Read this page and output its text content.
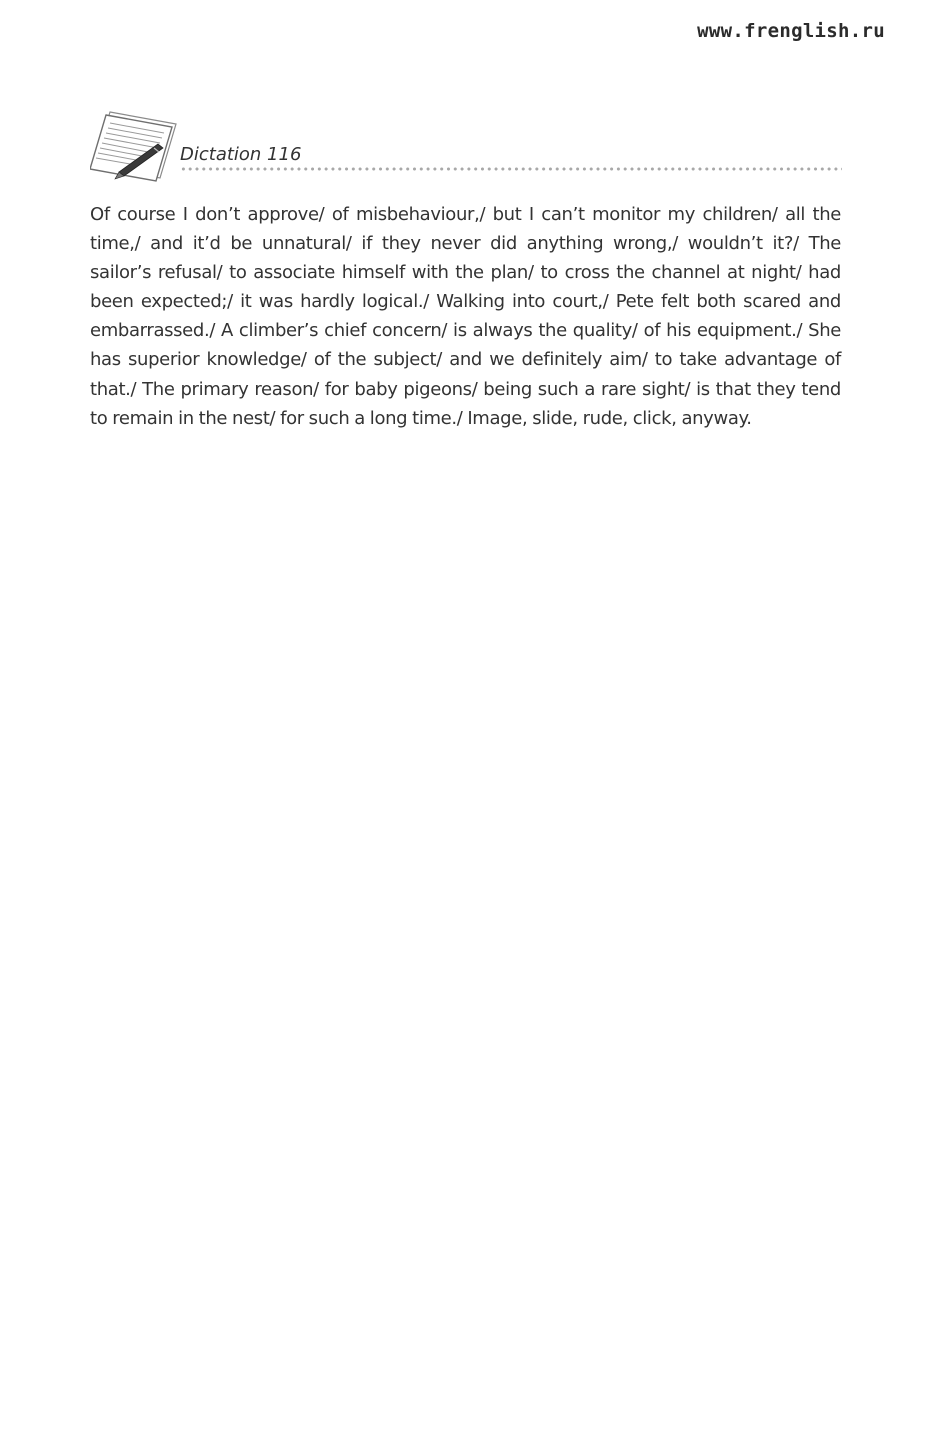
www.frenglish.ru
Dictation 116

Of course I don’t approve/ of misbehaviour,/ but I can’t monitor my children/ all the time,/ and it’d be unnatural/ if they never did anything wrong,/ wouldn’t it?/ The sailor’s refusal/ to associate himself with the plan/ to cross the channel at night/ had been expected;/ it was hardly logical./ Walking into court,/ Pete felt both scared and embarrassed./ A climber’s chief concern/ is always the quality/ of his equipment./ She has superior knowledge/ of the subject/ and we definitely aim/ to take advantage of that./ The primary reason/ for baby pigeons/ being such a rare sight/ is that they tend to remain in the nest/ for such a long time./ Image, slide, rude, click, anyway.
